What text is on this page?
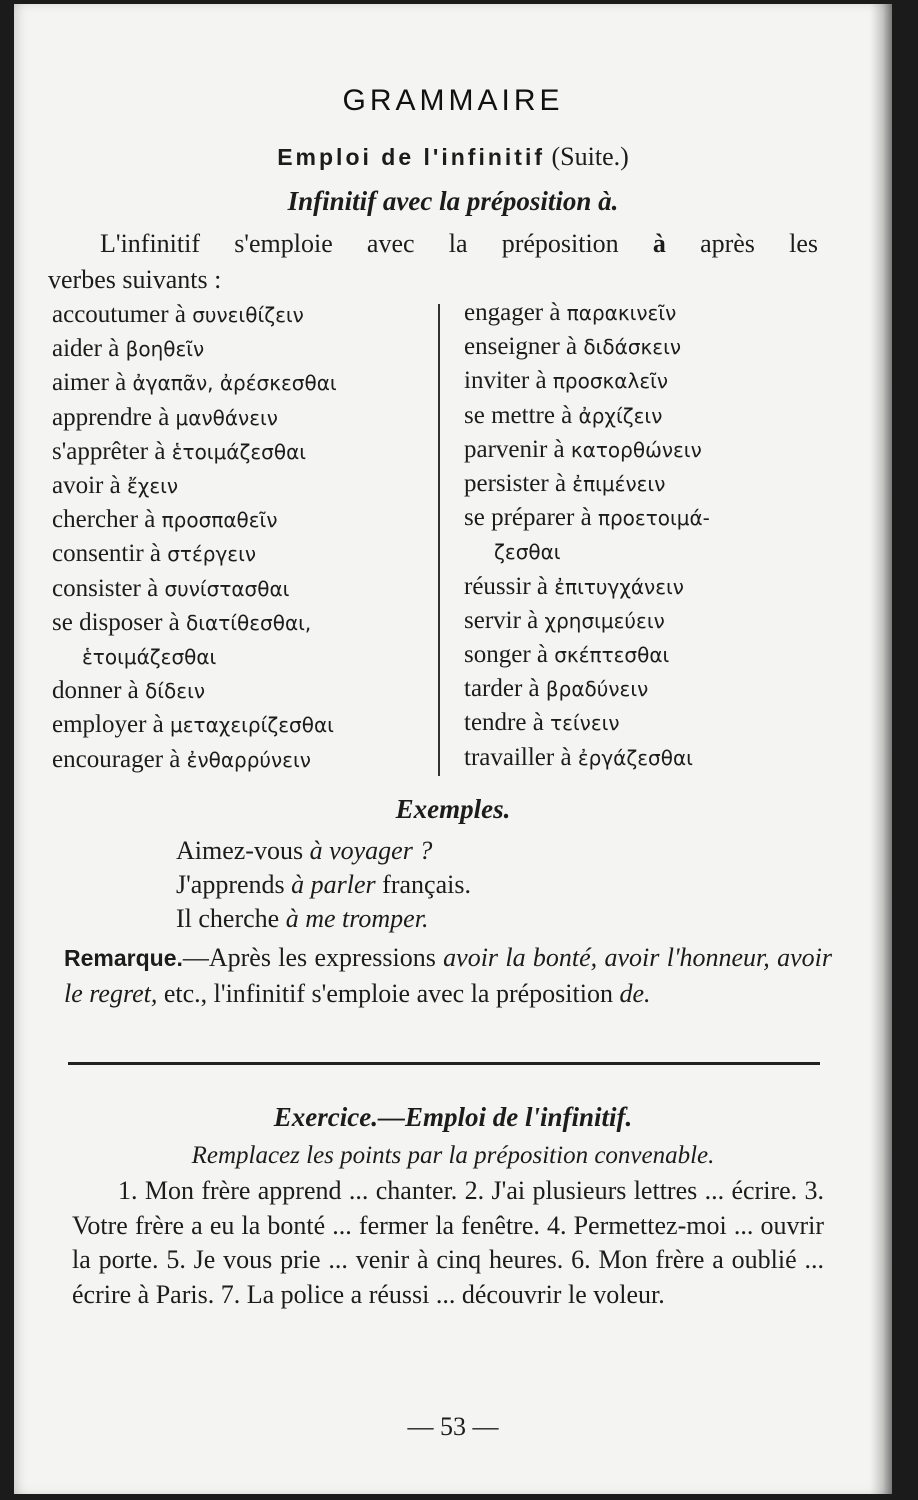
GRAMMAIRE
Emploi de l'infinitif (Suite.)
Infinitif avec la préposition à.
L'infinitif s'emploie avec la préposition à après les
verbes suivants :
accoutumer à συνειθίζειν
aider à βοηθεῖν
aimer à ἀγαπᾶν, ἀρέσκεσθαι
apprendre à μανθάνειν
s'apprêter à ἑτοιμάζεσθαι
avoir à ἔχειν
chercher à προσπαθεῖν
consentir à στέργειν
consister à συνίστασθαι
se disposer à διατίθεσθαι,
ἑτοιμάζεσθαι
donner à δίδειν
employer à μεταχειρίζεσθαι
encourager à ἐνθαρρύνειν
engager à παρακινεῖν
enseigner à διδάσκειν
inviter à προσκαλεῖν
se mettre à ἀρχίζειν
parvenir à κατορθώνειν
persister à ἐπιμένειν
se préparer à προετοιμά-
ζεσθαι
réussir à ἐπιτυγχάνειν
servir à χρησιμεύειν
songer à σκέπτεσθαι
tarder à βραδύνειν
tendre à τείνειν
travailler à ἐργάζεσθαι
Exemples.
Aimez-vous à voyager ?
J'apprends à parler français.
Il cherche à me tromper.
Remarque.—Après les expressions avoir la bonté, avoir l'honneur, avoir le regret, etc., l'infinitif s'emploie avec la préposition de.
Exercice.—Emploi de l'infinitif.
Remplacez les points par la préposition convenable.
1. Mon frère apprend ... chanter. 2. J'ai plusieurs lettres ... écrire. 3. Votre frère a eu la bonté ... fermer la fenêtre. 4. Permettez-moi ... ouvrir la porte. 5. Je vous prie ... venir à cinq heures. 6. Mon frère a oublié ... écrire à Paris. 7. La police a réussi ... découvrir le voleur.
— 53 —
